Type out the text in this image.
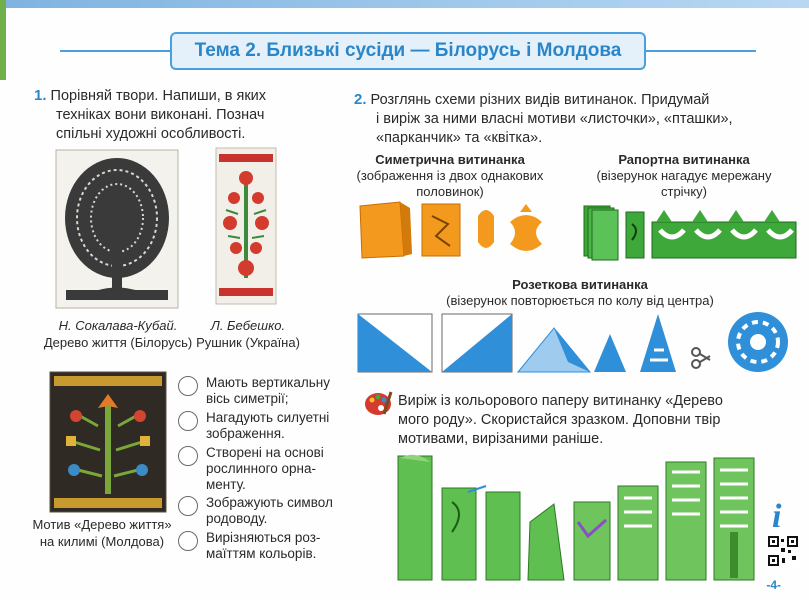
Тема 2. Близькі сусіди — Білорусь і Молдова
1. Порівняй твори. Напиши, в яких
техніках вони виконані. Познач
спільні художні особливості.
Н. Сокалава-Кубай.
Дерево життя (Білорусь)
Л. Бебешко.
Рушник (Україна)
Мотив «Дерево життя»
на килимі (Молдова)
Мають вертикальну
вісь симетрії;
Нагадують силуетні
зображення.
Створені на основі
рослинного орна-
менту.
Зображують символ
родоводу.
Вирізняються роз-
маїттям кольорів.
2. Розглянь схеми різних видів витинанок. Придумай
і виріж за ними власні мотиви «листочки», «пташки»,
«парканчик» та «квітка».
Симетрична витинанка
(зображення із двох однакових
половинок)
Рапортна витинанка
(візерунок нагадує мережану
стрічку)
Розеткова витинанка
(візерунок повторюється по колу від центра)
Виріж із кольорового паперу витинанку «Дерево
мого роду». Скористайся зразком. Доповни твір
мотивами, вирізаними раніше.
i
-4-
